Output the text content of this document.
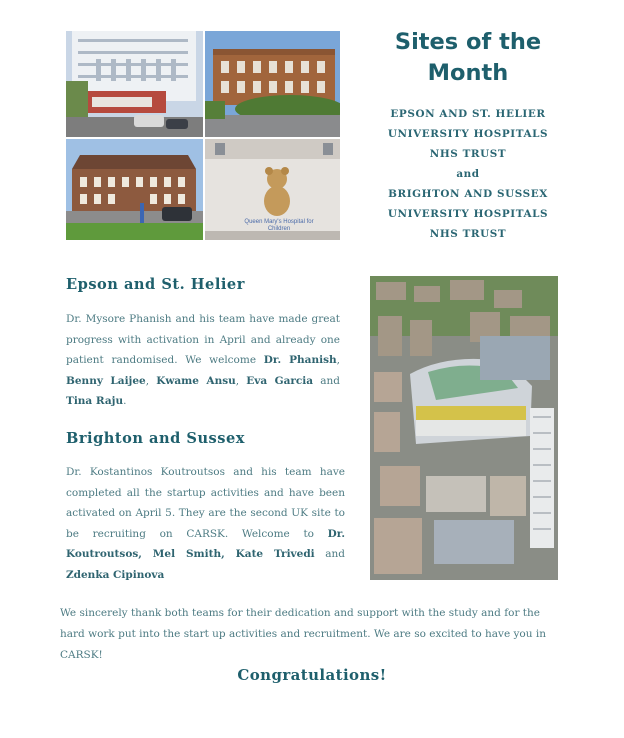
Queen Mary's Hospital for Children
Sites of the Month
EPSON AND ST. HELIER
UNIVERSITY HOSPITALS
NHS TRUST
and
BRIGHTON AND SUSSEX
UNIVERSITY HOSPITALS
NHS TRUST
Epson and St. Helier
Dr. Mysore Phanish and his team have made great progress with activation in April and already one patient randomised. We welcome Dr. Phanish, Benny Laijee, Kwame Ansu, Eva Garcia and Tina Raju.
Brighton and Sussex
Dr. Kostantinos Koutroutsos and his team have completed all the startup activities and have been activated on April 5. They are the second UK site to be recruiting on CARSK. Welcome to Dr. Koutroutsos, Mel Smith, Kate Trivedi and Zdenka Cipinova
We sincerely thank both teams for their dedication and support with the study and for the hard work put into the start up activities and recruitment. We are so excited to have you in CARSK!
Congratulations!
